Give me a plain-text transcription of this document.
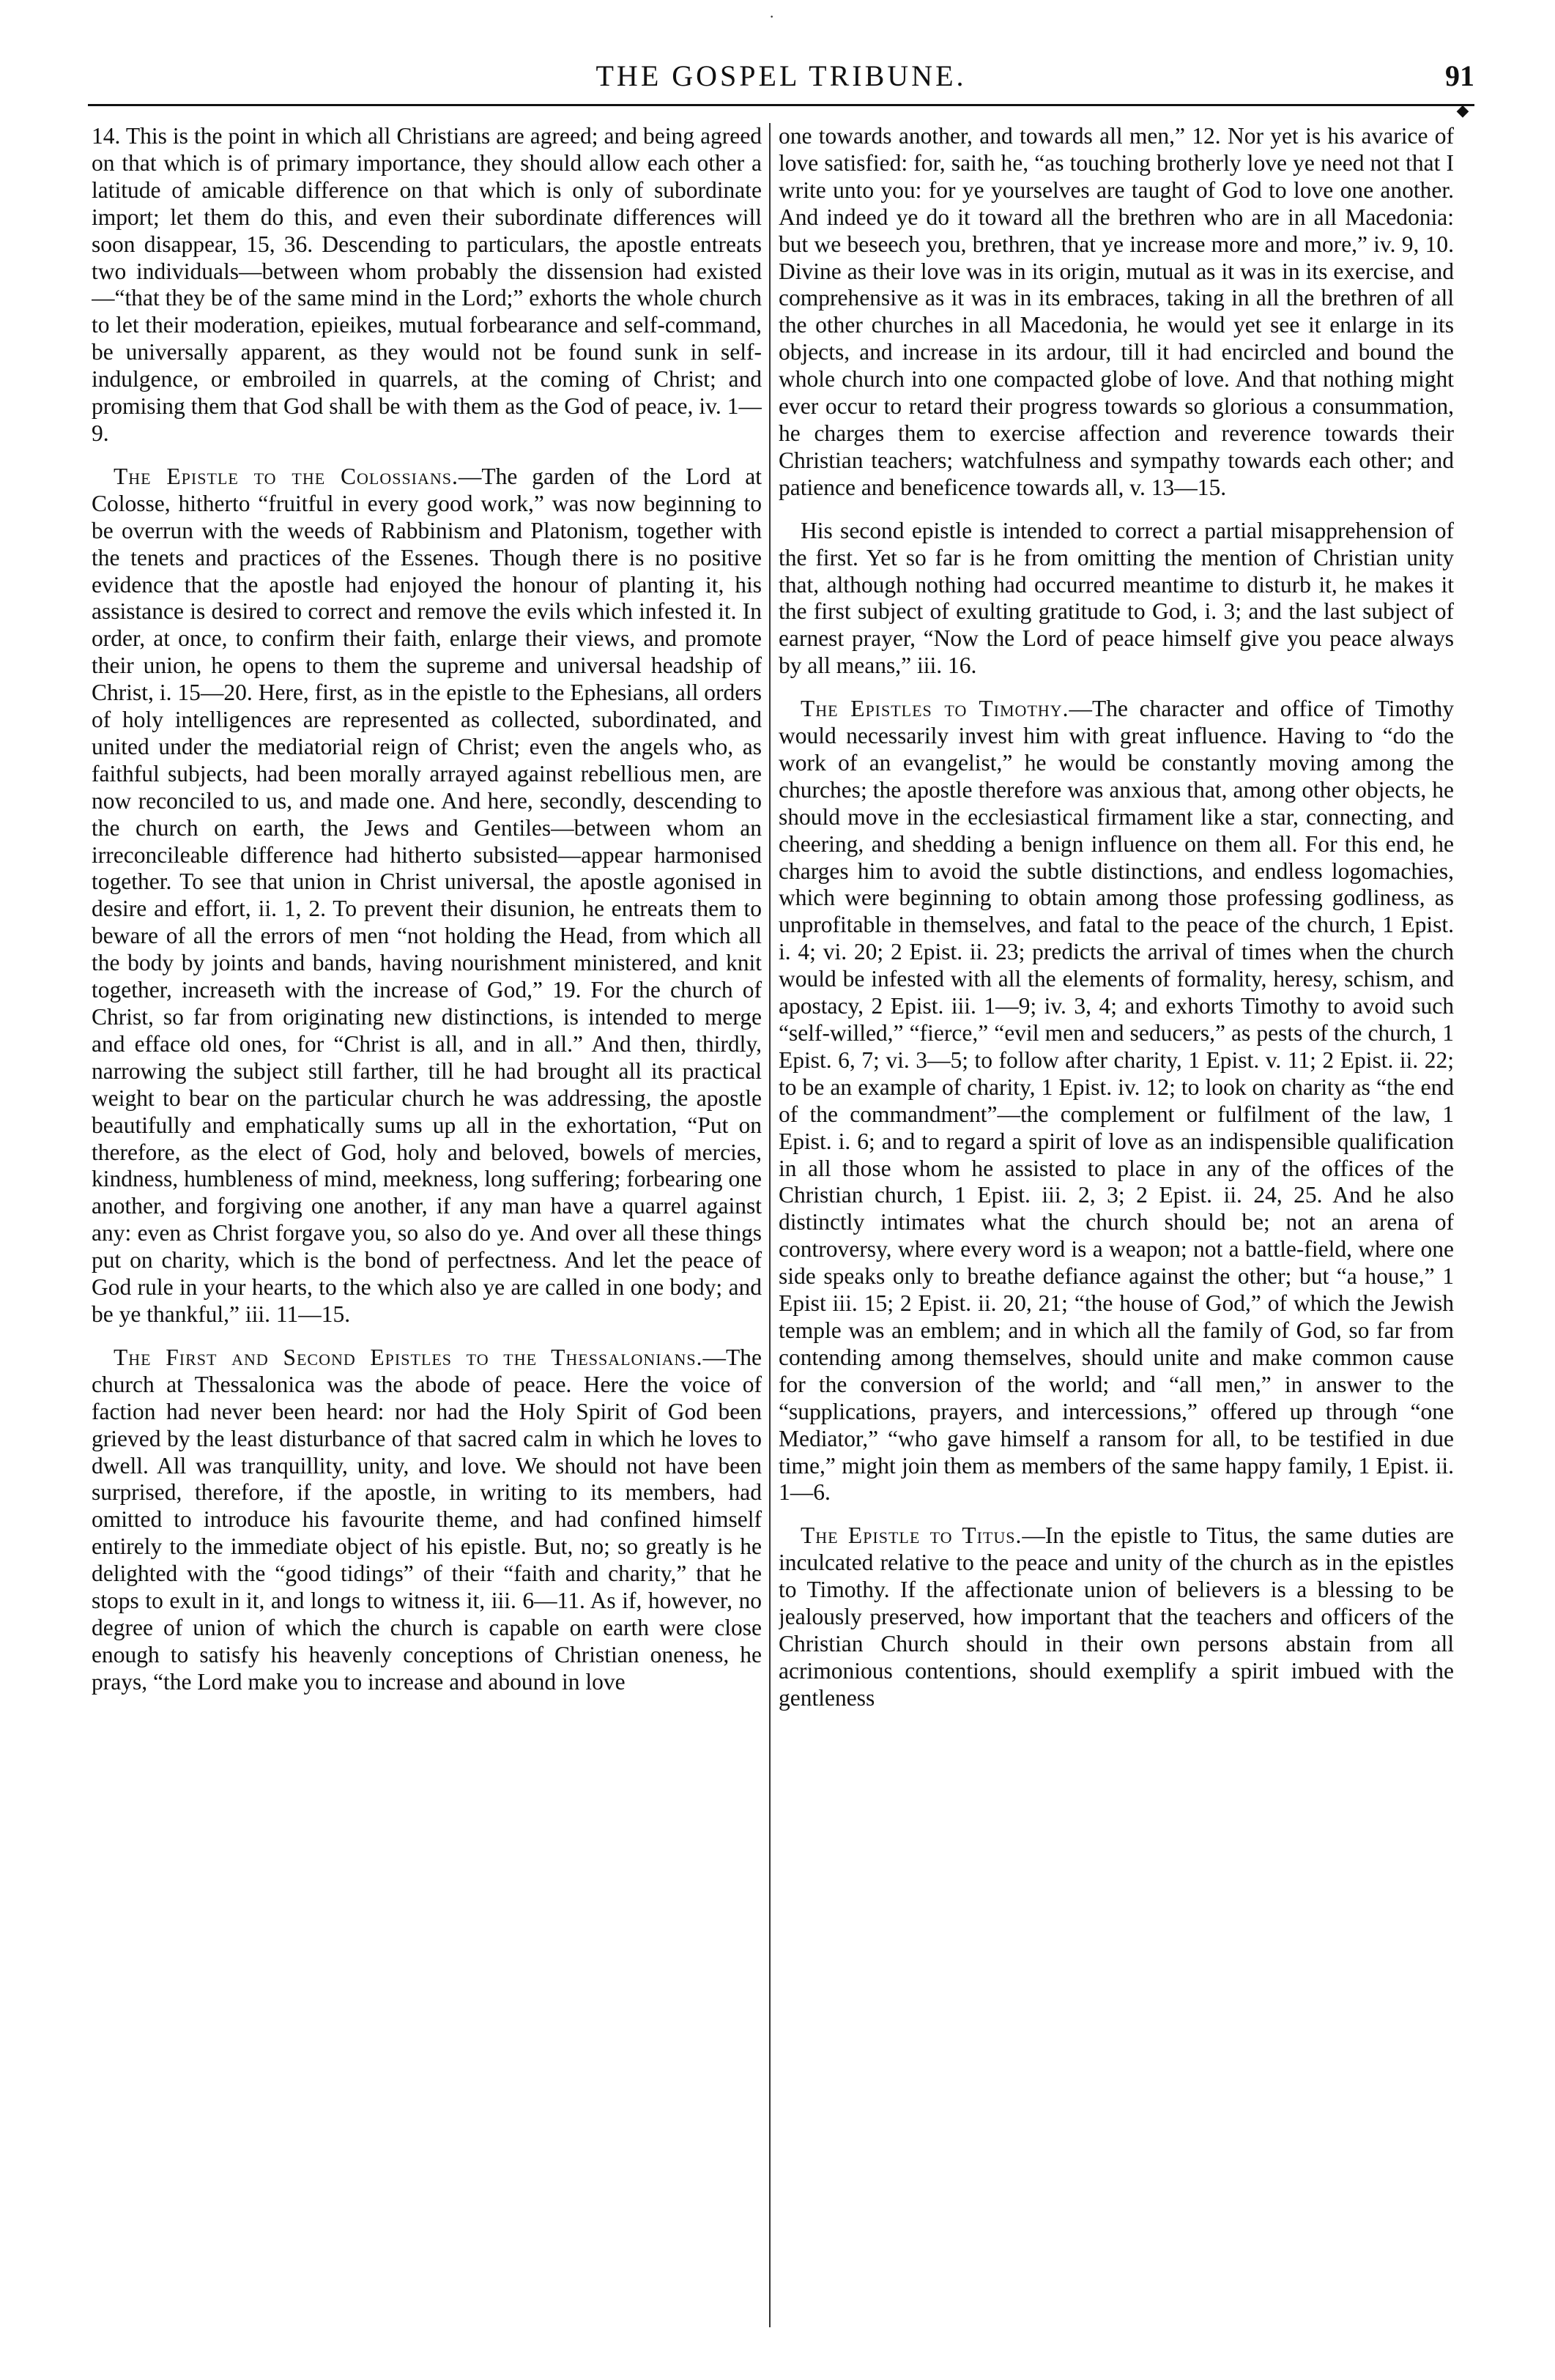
·
THE GOSPEL TRIBUNE.	91
◆

14. This is the point in which all Christians are agreed; and being agreed on that which is of primary importance, they should allow each other a latitude of amicable difference on that which is only of subordinate import; let them do this, and even their subordinate differences will soon disappear, 15, 36. Descending to particulars, the apostle entreats two individuals—between whom probably the dissension had existed—“that they be of the same mind in the Lord;” exhorts the whole church to let their moderation, epieikes, mutual forbearance and self-command, be universally apparent, as they would not be found sunk in self-indulgence, or embroiled in quarrels, at the coming of Christ; and promising them that God shall be with them as the God of peace, iv. 1—9.

The Epistle to the Colossians.—The garden of the Lord at Colosse, hitherto “fruitful in every good work,” was now beginning to be overrun with the weeds of Rabbinism and Platonism, together with the tenets and practices of the Essenes. Though there is no positive evidence that the apostle had enjoyed the honour of planting it, his assistance is desired to correct and remove the evils which infested it. In order, at once, to confirm their faith, enlarge their views, and promote their union, he opens to them the supreme and universal headship of Christ, i. 15—20. Here, first, as in the epistle to the Ephesians, all orders of holy intelligences are represented as collected, subordinated, and united under the mediatorial reign of Christ; even the angels who, as faithful subjects, had been morally arrayed against rebellious men, are now reconciled to us, and made one. And here, secondly, descending to the church on earth, the Jews and Gentiles—between whom an irreconcileable difference had hitherto subsisted—appear harmonised together. To see that union in Christ universal, the apostle agonised in desire and effort, ii. 1, 2. To prevent their disunion, he entreats them to beware of all the errors of men “not holding the Head, from which all the body by joints and bands, having nourishment ministered, and knit together, increaseth with the increase of God,” 19. For the church of Christ, so far from originating new distinctions, is intended to merge and efface old ones, for “Christ is all, and in all.” And then, thirdly, narrowing the subject still farther, till he had brought all its practical weight to bear on the particular church he was addressing, the apostle beautifully and emphatically sums up all in the exhortation, “Put on therefore, as the elect of God, holy and beloved, bowels of mercies, kindness, humbleness of mind, meekness, long suffering; forbearing one another, and forgiving one another, if any man have a quarrel against any: even as Christ forgave you, so also do ye. And over all these things put on charity, which is the bond of perfectness. And let the peace of God rule in your hearts, to the which also ye are called in one body; and be ye thankful,” iii. 11—15.

The First and Second Epistles to the Thessalonians.—The church at Thessalonica was the abode of peace. Here the voice of faction had never been heard: nor had the Holy Spirit of God been grieved by the least disturbance of that sacred calm in which he loves to dwell. All was tranquillity, unity, and love. We should not have been surprised, therefore, if the apostle, in writing to its members, had omitted to introduce his favourite theme, and had confined himself entirely to the immediate object of his epistle. But, no; so greatly is he delighted with the “good tidings” of their “faith and charity,” that he stops to exult in it, and longs to witness it, iii. 6—11. As if, however, no degree of union of which the church is capable on earth were close enough to satisfy his heavenly conceptions of Christian oneness, he prays, “the Lord make you to increase and abound in love

one towards another, and towards all men,” 12. Nor yet is his avarice of love satisfied: for, saith he, “as touching brotherly love ye need not that I write unto you: for ye yourselves are taught of God to love one another. And indeed ye do it toward all the brethren who are in all Macedonia: but we beseech you, brethren, that ye increase more and more,” iv. 9, 10. Divine as their love was in its origin, mutual as it was in its exercise, and comprehensive as it was in its embraces, taking in all the brethren of all the other churches in all Macedonia, he would yet see it enlarge in its objects, and increase in its ardour, till it had encircled and bound the whole church into one compacted globe of love. And that nothing might ever occur to retard their progress towards so glorious a consummation, he charges them to exercise affection and reverence towards their Christian teachers; watchfulness and sympathy towards each other; and patience and beneficence towards all, v. 13—15.

His second epistle is intended to correct a partial misapprehension of the first. Yet so far is he from omitting the mention of Christian unity that, although nothing had occurred meantime to disturb it, he makes it the first subject of exulting gratitude to God, i. 3; and the last subject of earnest prayer, “Now the Lord of peace himself give you peace always by all means,” iii. 16.

The Epistles to Timothy.—The character and office of Timothy would necessarily invest him with great influence. Having to “do the work of an evangelist,” he would be constantly moving among the churches; the apostle therefore was anxious that, among other objects, he should move in the ecclesiastical firmament like a star, connecting, and cheering, and shedding a benign influence on them all. For this end, he charges him to avoid the subtle distinctions, and endless logomachies, which were beginning to obtain among those professing godliness, as unprofitable in themselves, and fatal to the peace of the church, 1 Epist. i. 4; vi. 20; 2 Epist. ii. 23; predicts the arrival of times when the church would be infested with all the elements of formality, heresy, schism, and apostacy, 2 Epist. iii. 1—9; iv. 3, 4; and exhorts Timothy to avoid such “self-willed,” “fierce,” “evil men and seducers,” as pests of the church, 1 Epist. 6, 7; vi. 3—5; to follow after charity, 1 Epist. v. 11; 2 Epist. ii. 22; to be an example of charity, 1 Epist. iv. 12; to look on charity as “the end of the commandment”—the complement or fulfilment of the law, 1 Epist. i. 6; and to regard a spirit of love as an indispensible qualification in all those whom he assisted to place in any of the offices of the Christian church, 1 Epist. iii. 2, 3; 2 Epist. ii. 24, 25. And he also distinctly intimates what the church should be; not an arena of controversy, where every word is a weapon; not a battle-field, where one side speaks only to breathe defiance against the other; but “a house,” 1 Epist iii. 15; 2 Epist. ii. 20, 21; “the house of God,” of which the Jewish temple was an emblem; and in which all the family of God, so far from contending among themselves, should unite and make common cause for the conversion of the world; and “all men,” in answer to the “supplications, prayers, and intercessions,” offered up through “one Mediator,” “who gave himself a ransom for all, to be testified in due time,” might join them as members of the same happy family, 1 Epist. ii. 1—6.

The Epistle to Titus.—In the epistle to Titus, the same duties are inculcated relative to the peace and unity of the church as in the epistles to Timothy. If the affectionate union of believers is a blessing to be jealously preserved, how important that the teachers and officers of the Christian Church should in their own persons abstain from all acrimonious contentions, should exemplify a spirit imbued with the gentleness
